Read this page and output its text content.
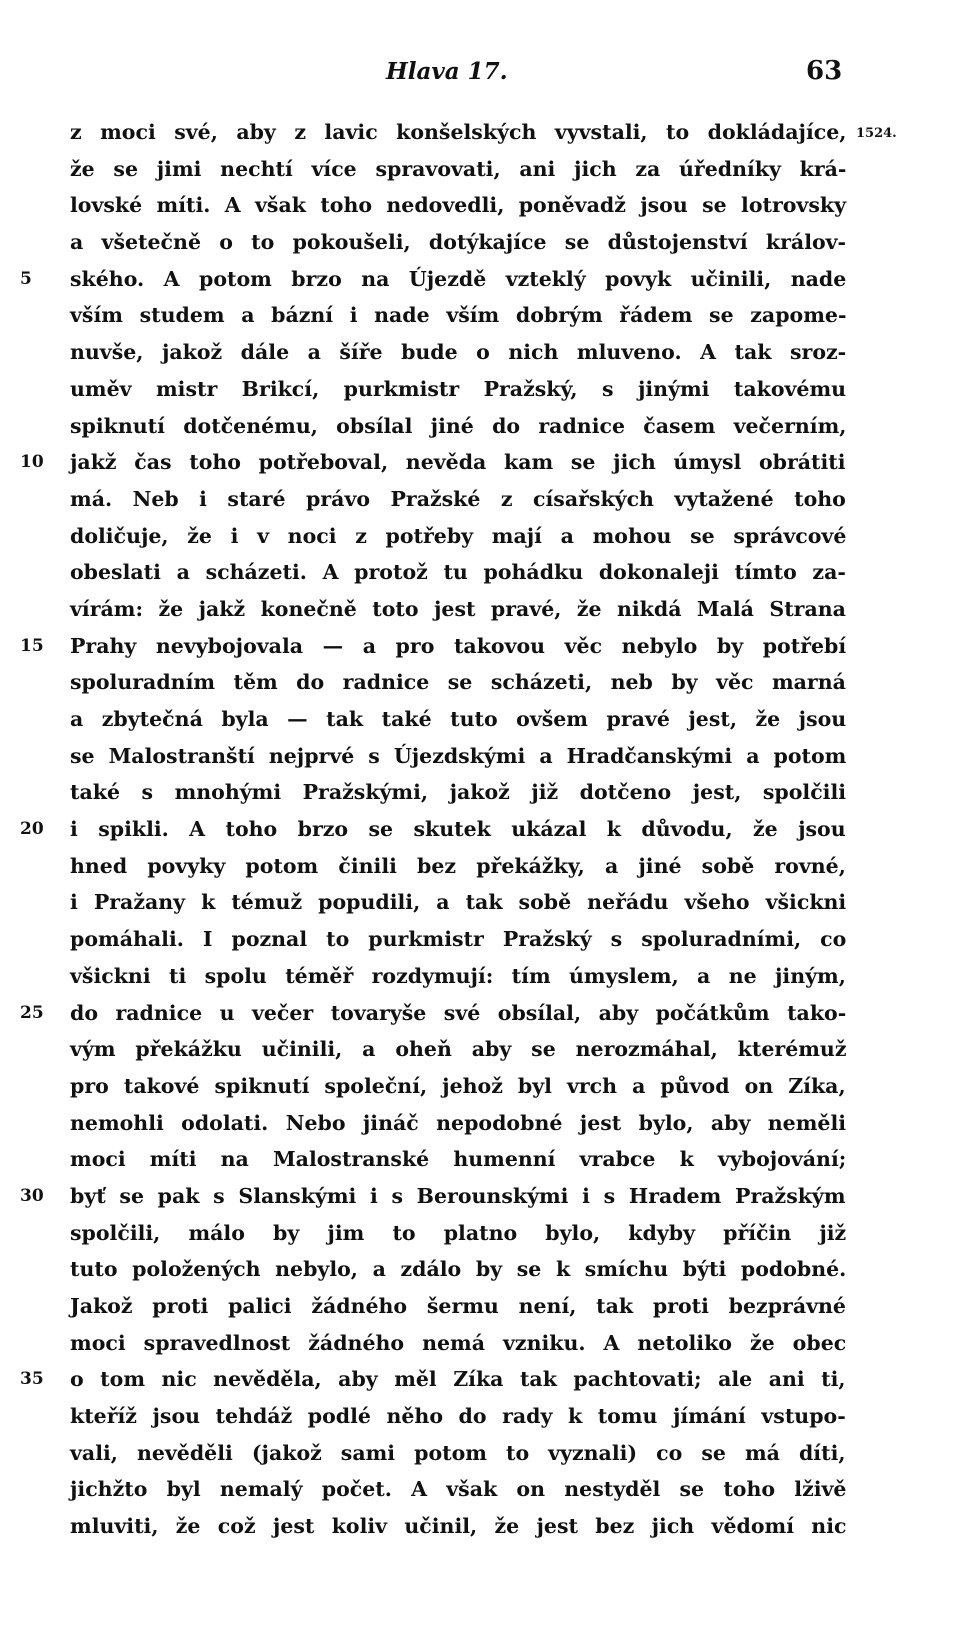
Hlava 17.	63
1524.
z moci své, aby z lavic konšelských vyvstali, to dokládajíce,
že se jimi nechtí více spravovati, ani jich za úředníky krá-
lovské míti. A však toho nedovedli, poněvadž jsou se lotrovsky
a všetečně o to pokoušeli, dotýkajíce se důstojenství králov-
5	ského. A potom brzo na Újezdě vzteklý povyk učinili, nade
vším studem a bázní i nade vším dobrým řádem se zapome-
nuvše, jakož dále a šíře bude o nich mluveno. A tak sroz-
uměv mistr Brikcí, purkmistr Pražský, s jinými takovému
spiknutí dotčenému, obsílal jiné do radnice časem večerním,
10	jakž čas toho potřeboval, nevěda kam se jich úmysl obrátiti
má. Neb i staré právo Pražské z císařských vytažené toho
doličuje, že i v noci z potřeby mají a mohou se správcové
obeslati a scházeti. A protož tu pohádku dokonaleji tímto za-
vírám: že jakž konečně toto jest pravé, že nikdá Malá Strana
15	Prahy nevybojovala — a pro takovou věc nebylo by potřebí
spoluradním těm do radnice se scházeti, neb by věc marná
a zbytečná byla — tak také tuto ovšem pravé jest, že jsou
se Malostranští nejprvé s Újezdskými a Hradčanskými a potom
také s mnohými Pražskými, jakož již dotčeno jest, spolčili
20	i spikli. A toho brzo se skutek ukázal k důvodu, že jsou
hned povyky potom činili bez překážky, a jiné sobě rovné,
i Pražany k témuž popudili, a tak sobě neřádu všeho všickni
pomáhali. I poznal to purkmistr Pražský s spoluradními, co
všickni ti spolu téměř rozdymují: tím úmyslem, a ne jiným,
25	do radnice u večer tovaryše své obsílal, aby počátkům tako-
vým překážku učinili, a oheň aby se nerozmáhal, kterémuž
pro takové spiknutí společní, jehož byl vrch a původ on Zíka,
nemohli odolati. Nebo jináč nepodobné jest bylo, aby neměli
moci míti na Malostranské humenní vrabce k vybojování;
30	byť se pak s Slanskými i s Berounskými i s Hradem Pražským
spolčili, málo by jim to platno bylo, kdyby příčin již
tuto položených nebylo, a zdálo by se k smíchu býti podobné.
Jakož proti palici žádného šermu není, tak proti bezprávné
moci spravedlnost žádného nemá vzniku. A netoliko že obec
35	o tom nic nevěděla, aby měl Zíka tak pachtovati; ale ani ti,
kteříž jsou tehdáž podlé něho do rady k tomu jímání vstupo-
vali, nevěděli (jakož sami potom to vyznali) co se má díti,
jichžto byl nemalý počet. A však on nestyděl se toho lživě
mluviti, že což jest koliv učinil, že jest bez jich vědomí nic
